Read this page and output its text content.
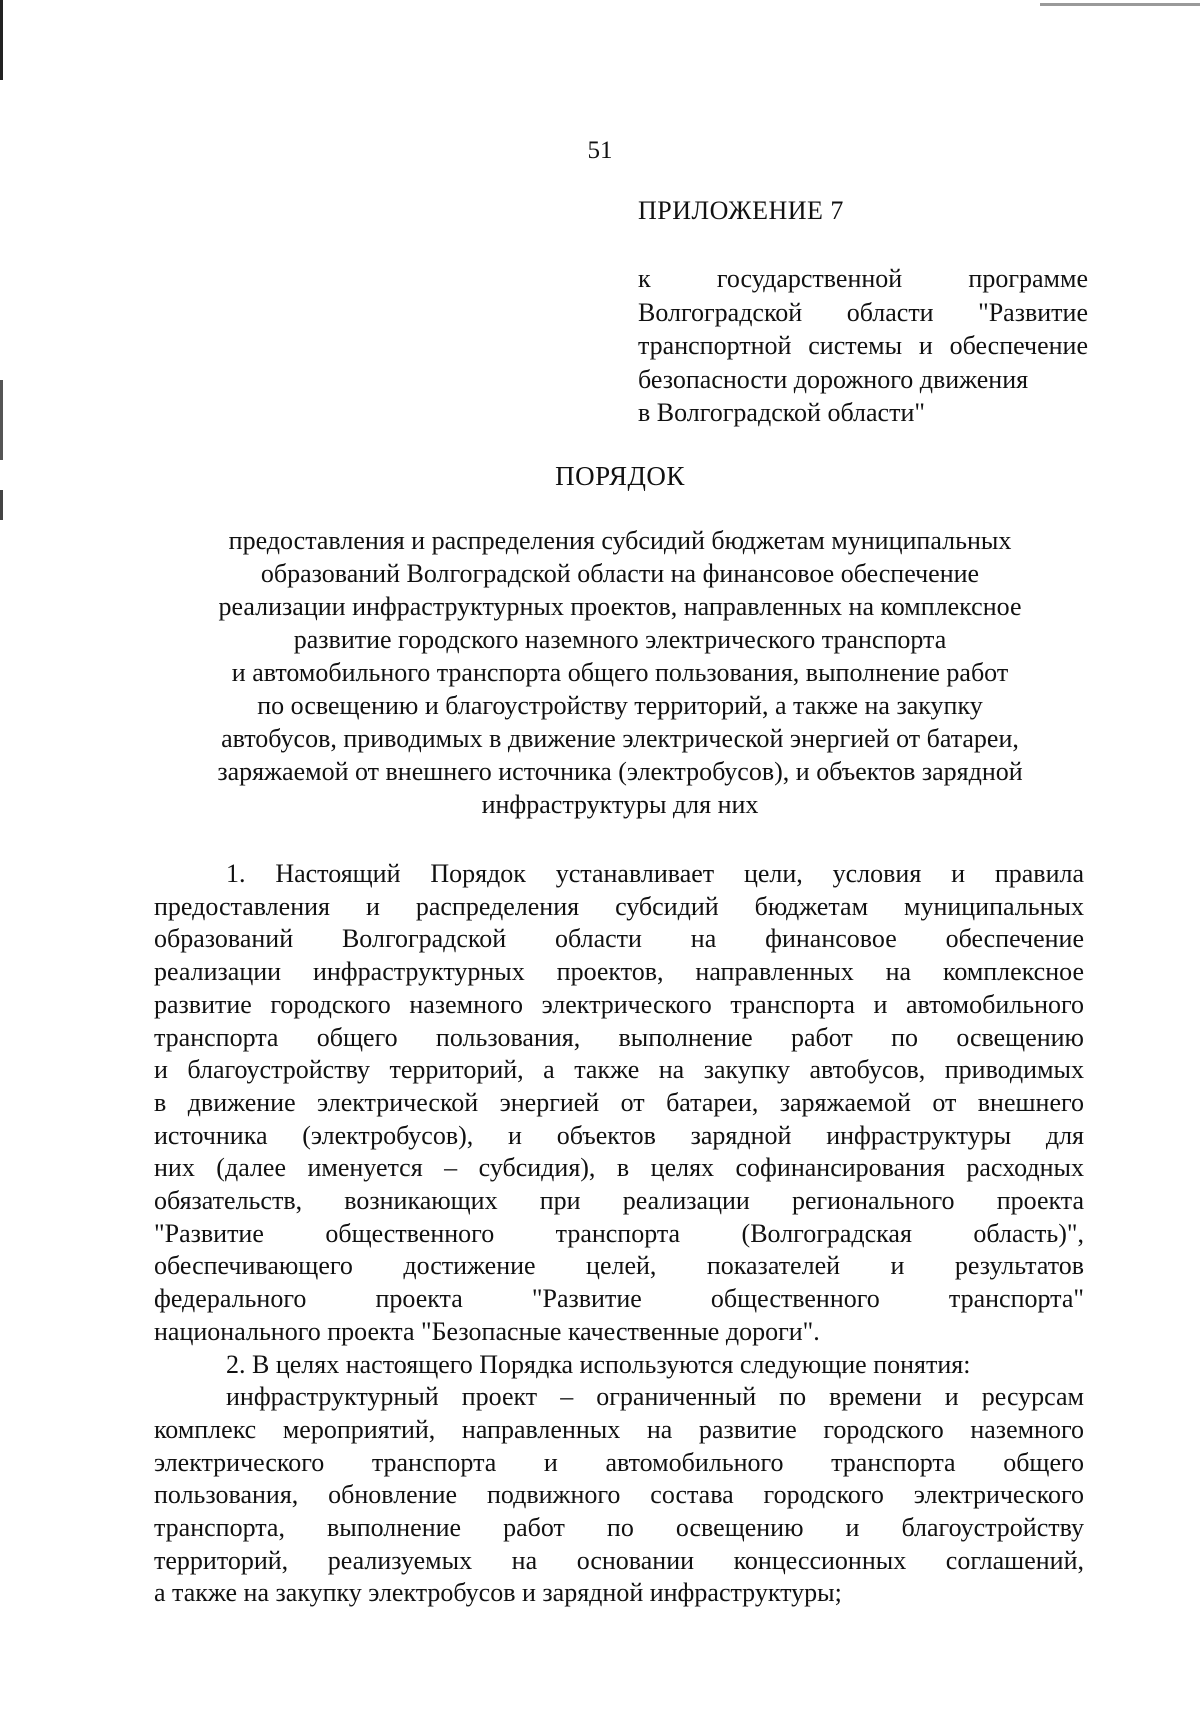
51
ПРИЛОЖЕНИЕ 7
к государственной программе
Волгоградской области "Развитие
транспортной системы и обеспечение
безопасности дорожного движения
в Волгоградской области"
ПОРЯДОК
предоставления и распределения субсидий бюджетам муниципальных
образований Волгоградской области на финансовое обеспечение
реализации инфраструктурных проектов, направленных на комплексное
развитие городского наземного электрического транспорта
и автомобильного транспорта общего пользования, выполнение работ
по освещению и благоустройству территорий, а также на закупку
автобусов, приводимых в движение электрической энергией от батареи,
заряжаемой от внешнего источника (электробусов), и объектов зарядной
инфраструктуры для них
1. Настоящий Порядок устанавливает цели, условия и правила
предоставления и распределения субсидий бюджетам муниципальных
образований Волгоградской области на финансовое обеспечение
реализации инфраструктурных проектов, направленных на комплексное
развитие городского наземного электрического транспорта и автомобильного
транспорта общего пользования, выполнение работ по освещению
и благоустройству территорий, а также на закупку автобусов, приводимых
в движение электрической энергией от батареи, заряжаемой от внешнего
источника (электробусов), и объектов зарядной инфраструктуры для
них (далее именуется – субсидия), в целях софинансирования расходных
обязательств, возникающих при реализации регионального проекта
"Развитие общественного транспорта (Волгоградская область)",
обеспечивающего достижение целей, показателей и результатов
федерального проекта "Развитие общественного транспорта"
национального проекта "Безопасные качественные дороги".
2. В целях настоящего Порядка используются следующие понятия:
инфраструктурный проект – ограниченный по времени и ресурсам
комплекс мероприятий, направленных на развитие городского наземного
электрического транспорта и автомобильного транспорта общего
пользования, обновление подвижного состава городского электрического
транспорта, выполнение работ по освещению и благоустройству
территорий, реализуемых на основании концессионных соглашений,
а также на закупку электробусов и зарядной инфраструктуры;
